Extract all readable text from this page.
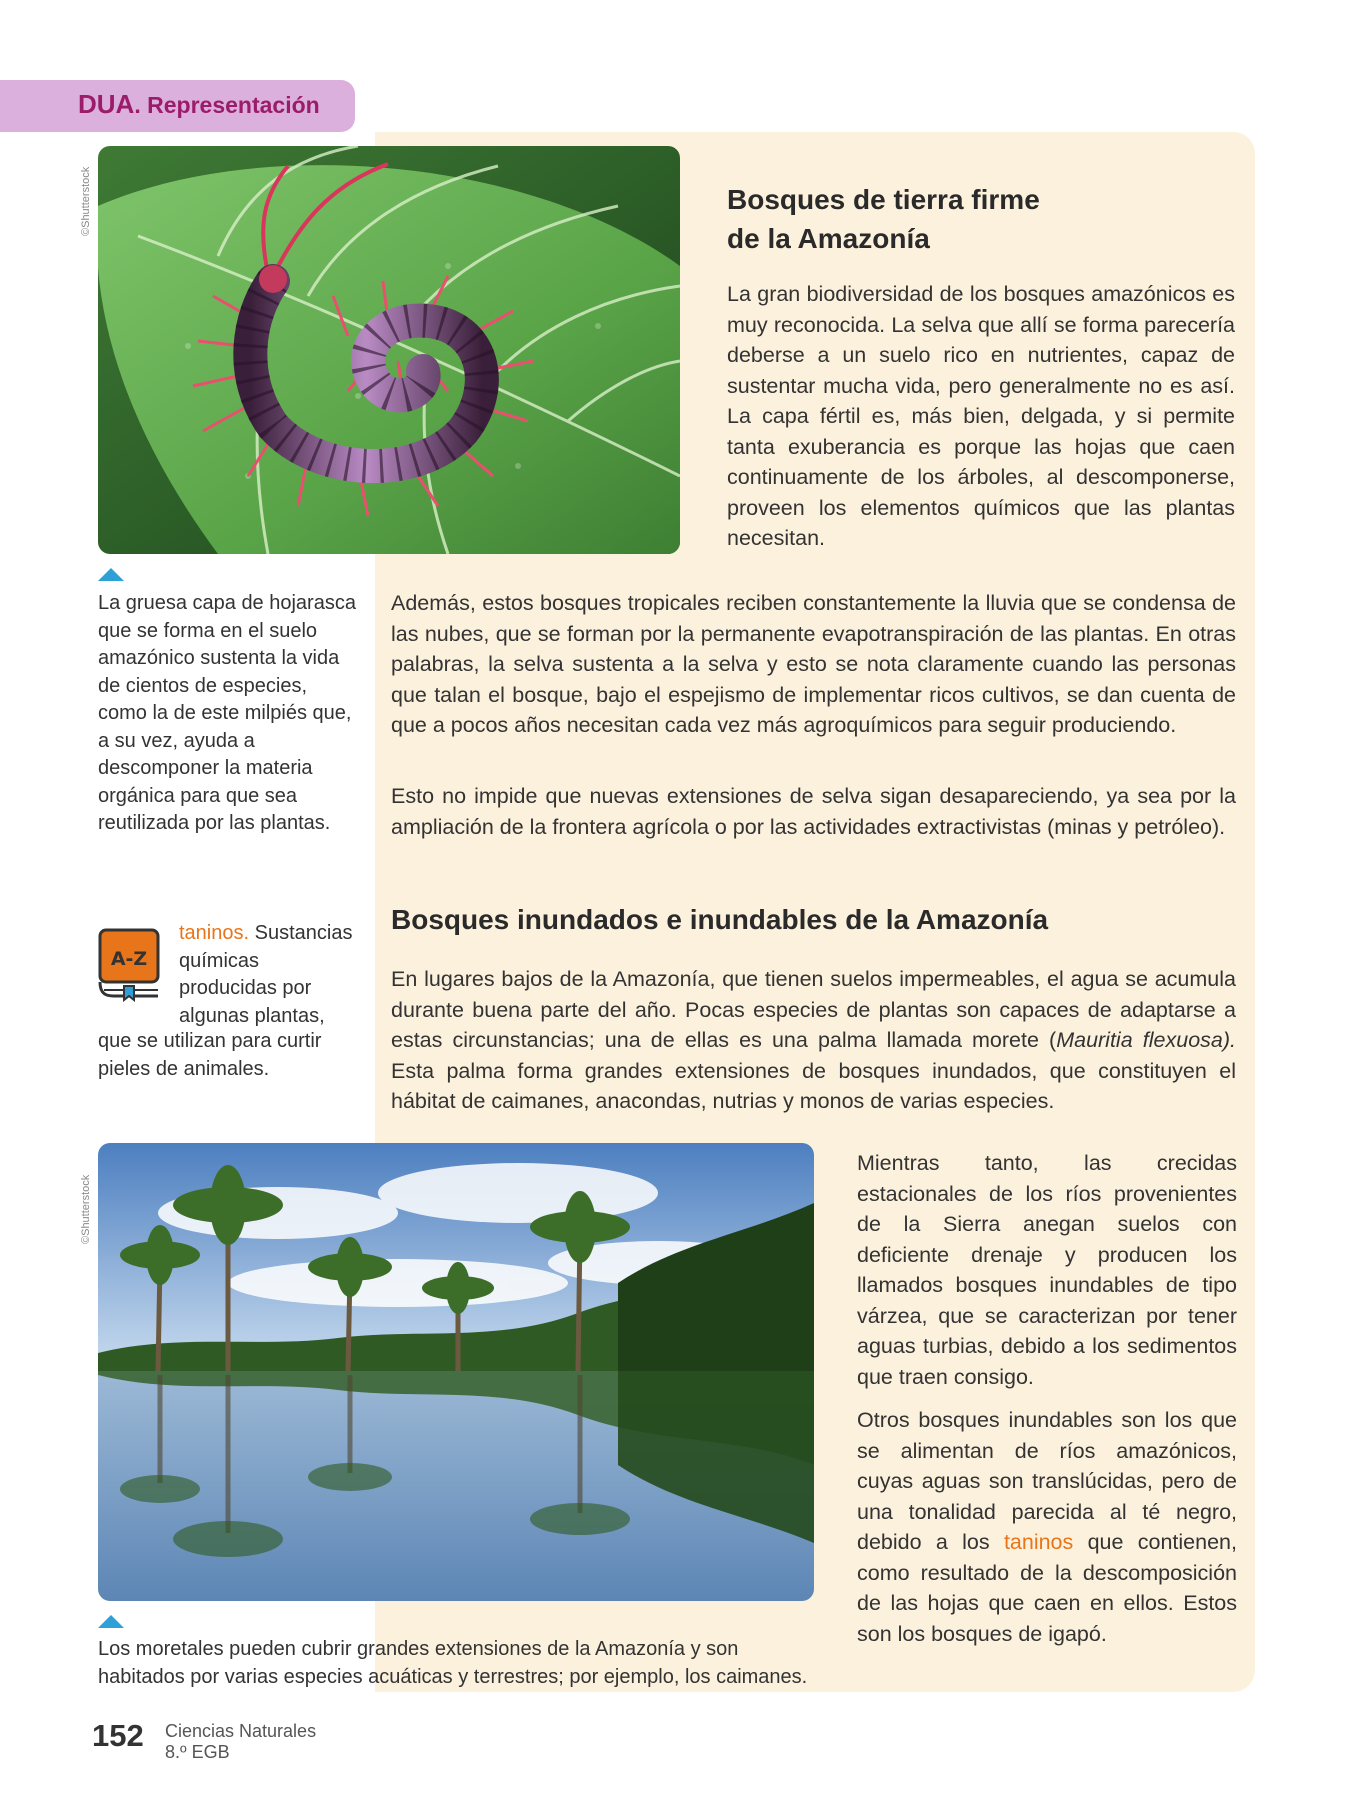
DUA. Representación
©Shutterstock
La gruesa capa de hojarasca que se forma en el suelo amazónico sustenta la vida de cientos de especies, como la de este milpiés que, a su vez, ayuda a descomponer la materia orgánica para que sea reutilizada por las plantas.
Bosques de tierra firme
de la Amazonía

La gran biodiversidad de los bosques amazónicos es muy reconocida. La selva que allí se forma parecería deberse a un suelo rico en nutrientes, capaz de sustentar mucha vida, pero generalmente no es así. La capa fértil es, más bien, delgada, y si permite tanta exuberancia es porque las hojas que caen continuamente de los árboles, al descomponerse, proveen los elementos químicos que las plantas necesitan.

Además, estos bosques tropicales reciben constantemente la lluvia que se condensa de las nubes, que se forman por la permanente evapotranspiración de las plantas. En otras palabras, la selva sustenta a la selva y esto se nota claramente cuando las personas que talan el bosque, bajo el espejismo de implementar ricos cultivos, se dan cuenta de que a pocos años necesitan cada vez más agroquímicos para seguir produciendo.

Esto no impide que nuevas extensiones de selva sigan desapareciendo, ya sea por la ampliación de la frontera agrícola o por las actividades extractivistas (minas y petróleo).

A-Z
taninos. Sustancias químicas producidas por algunas plantas,
que se utilizan para curtir pieles de animales.
Bosques inundados e inundables de la Amazonía

En lugares bajos de la Amazonía, que tienen suelos impermeables, el agua se acumula durante buena parte del año. Pocas especies de plantas son capaces de adaptarse a estas circunstancias; una de ellas es una palma llamada morete (Mauritia flexuosa). Esta palma forma grandes extensiones de bosques inundados, que constituyen el hábitat de caimanes, anacondas, nutrias y monos de varias especies.

©Shutterstock

Mientras tanto, las crecidas estacionales de los ríos provenientes de la Sierra anegan suelos con deficiente drenaje y producen los llamados bosques inundables de tipo várzea, que se caracterizan por tener aguas turbias, debido a los sedimentos que traen consigo.

Otros bosques inundables son los que se alimentan de ríos amazónicos, cuyas aguas son translúcidas, pero de una tonalidad parecida al té negro, debido a los taninos que contienen, como resultado de la descomposición de las hojas que caen en ellos. Estos son los bosques de igapó.

Los moretales pueden cubrir grandes extensiones de la Amazonía y son habitados por varias especies acuáticas y terrestres; por ejemplo, los caimanes.
152 Ciencias Naturales
8.º EGB
